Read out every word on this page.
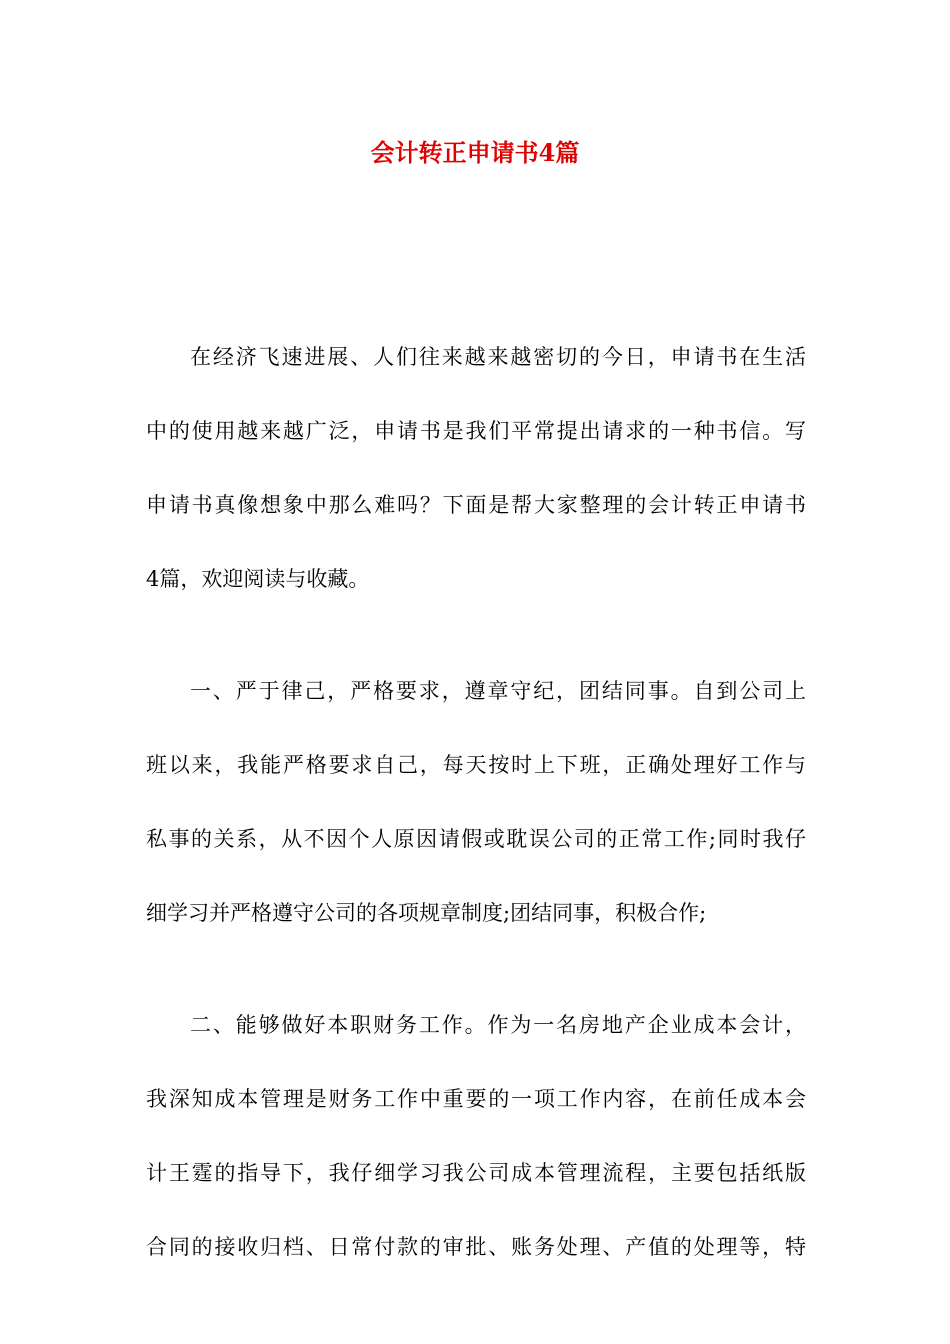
会计转正申请书4篇
在经济飞速进展、人们往来越来越密切的今日，申请书在生活
中的使用越来越广泛，申请书是我们平常提出请求的一种书信。写
申请书真像想象中那么难吗？下面是帮大家整理的会计转正申请书
4篇，欢迎阅读与收藏。
一、严于律己，严格要求，遵章守纪，团结同事。自到公司上
班以来，我能严格要求自己，每天按时上下班，正确处理好工作与
私事的关系，从不因个人原因请假或耽误公司的正常工作;同时我仔
细学习并严格遵守公司的各项规章制度;团结同事，积极合作;
二、能够做好本职财务工作。作为一名房地产企业成本会计，
我深知成本管理是财务工作中重要的一项工作内容，在前任成本会
计王霆的指导下，我仔细学习我公司成本管理流程，主要包括纸版
合同的接收归档、日常付款的审批、账务处理、产值的处理等，特
